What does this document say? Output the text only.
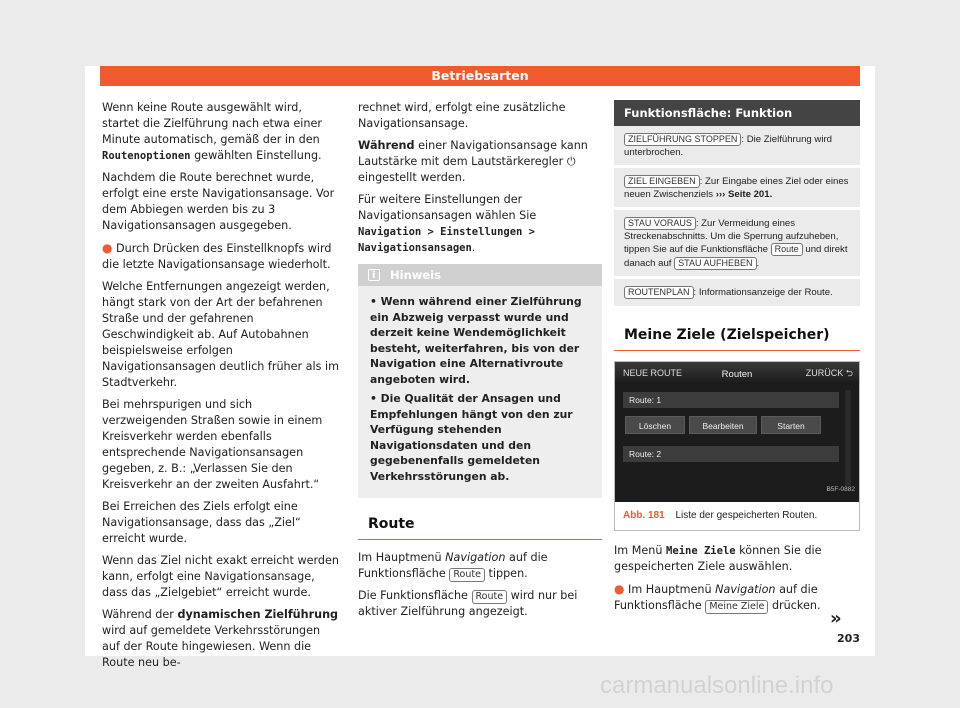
Betriebsarten

Wenn keine Route ausgewählt wird, startet die Zielführung nach etwa einer Minute automatisch, gemäß der in den Routenoptionen gewählten Einstellung.

Nachdem die Route berechnet wurde, erfolgt eine erste Navigationsansage. Vor dem Abbiegen werden bis zu 3 Navigationsansagen ausgegeben.

● Durch Drücken des Einstellknopfs wird die letzte Navigationsansage wiederholt.

Welche Entfernungen angezeigt werden, hängt stark von der Art der befahrenen Straße und der gefahrenen Geschwindigkeit ab. Auf Autobahnen beispielsweise erfolgen Navigationsansagen deutlich früher als im Stadtverkehr.

Bei mehrspurigen und sich verzweigenden Straßen sowie in einem Kreisverkehr werden ebenfalls entsprechende Navigationsansagen gegeben, z. B.: „Verlassen Sie den Kreisverkehr an der zweiten Ausfahrt.“

Bei Erreichen des Ziels erfolgt eine Navigationsansage, dass das „Ziel“ erreicht wurde.

Wenn das Ziel nicht exakt erreicht werden kann, erfolgt eine Navigationsansage, dass das „Zielgebiet“ erreicht wurde.

Während der dynamischen Zielführung wird auf gemeldete Verkehrsstörungen auf der Route hingewiesen. Wenn die Route neu be-

rechnet wird, erfolgt eine zusätzliche Navigationsansage.

Während einer Navigationsansage kann Lautstärke mit dem Lautstärkeregler ⏻ eingestellt werden.

Für weitere Einstellungen der Navigationsansagen wählen Sie Navigation > Einstellungen > Navigationsansagen.

i
Hinweis
• Wenn während einer Zielführung ein Abzweig verpasst wurde und derzeit keine Wendemöglichkeit besteht, weiterfahren, bis von der Navigation eine Alternativroute angeboten wird.
• Die Qualität der Ansagen und Empfehlungen hängt von den zur Verfügung stehenden Navigationsdaten und den gegebenenfalls gemeldeten Verkehrsstörungen ab.
Route

Im Hauptmenü Navigation auf die Funktionsfläche Route tippen.

Die Funktionsfläche Route wird nur bei aktiver Zielführung angezeigt.

Funktionsfläche: Funktion
ZIELFÜHRUNG STOPPEN : Die Zielführung wird unterbrochen.
ZIEL EINGEBEN : Zur Eingabe eines Ziel oder eines neuen Zwischenziels ››› Seite 201.
STAU VORAUS : Zur Vermeidung eines Streckenabschnitts. Um die Sperrung aufzuheben, tippen Sie auf die Funktionsfläche Route und direkt danach auf STAU AUFHEBEN .
ROUTENPLAN : Informationsanzeige der Route.
Meine Ziele (Zielspeicher)
NEUE ROUTE	Routen	ZURÜCK ⮌
Route: 1
Löschen	Bearbeiten	Starten
Route: 2
B5F-0882
Abb. 181 Liste der gespeicherten Routen.

Im Menü Meine Ziele können Sie die gespeicherten Ziele auswählen.

● Im Hauptmenü Navigation auf die Funktionsfläche Meine Ziele drücken.

»
203
carmanualsonline.info
